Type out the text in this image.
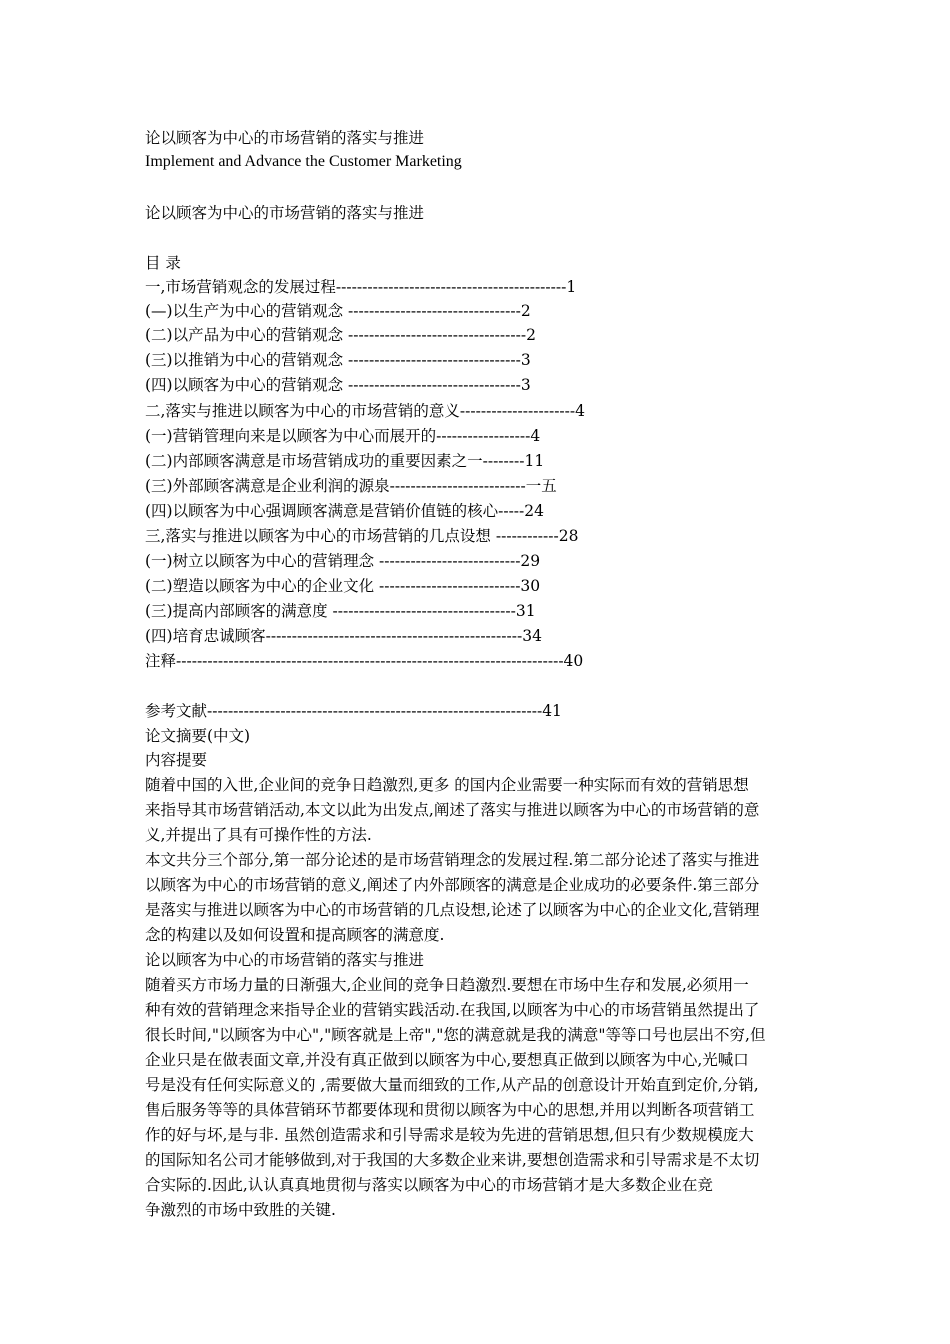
论以顾客为中心的市场营销的落实与推进
Implement and Advance the Customer Marketing
论以顾客为中心的市场营销的落实与推进
目 录
一,市场营销观念的发展过程--------------------------------------------1
(—)以生产为中心的营销观念 ---------------------------------2
(二)以产品为中心的营销观念 ----------------------------------2
(三)以推销为中心的营销观念 ---------------------------------3
(四)以顾客为中心的营销观念 ---------------------------------3
二,落实与推进以顾客为中心的市场营销的意义----------------------4
(一)营销管理向来是以顾客为中心而展开的------------------4
(二)内部顾客满意是市场营销成功的重要因素之一--------11
(三)外部顾客满意是企业利润的源泉--------------------------一五
(四)以顾客为中心强调顾客满意是营销价值链的核心-----24
三,落实与推进以顾客为中心的市场营销的几点设想 ------------28
(一)树立以顾客为中心的营销理念 ---------------------------29
(二)塑造以顾客为中心的企业文化 ---------------------------30
(三)提高内部顾客的满意度 -----------------------------------31
(四)培育忠诚顾客-------------------------------------------------34
注释--------------------------------------------------------------------------40
参考文献----------------------------------------------------------------41
论文摘要(中文)
内容提要
随着中国的入世,企业间的竞争日趋激烈,更多 的国内企业需要一种实际而有效的营销思想
来指导其市场营销活动,本文以此为出发点,阐述了落实与推进以顾客为中心的市场营销的意
义,并提出了具有可操作性的方法.
本文共分三个部分,第一部分论述的是市场营销理念的发展过程.第二部分论述了落实与推进
以顾客为中心的市场营销的意义,阐述了内外部顾客的满意是企业成功的必要条件.第三部分
是落实与推进以顾客为中心的市场营销的几点设想,论述了以顾客为中心的企业文化,营销理
念的构建以及如何设置和提高顾客的满意度.
论以顾客为中心的市场营销的落实与推进
随着买方市场力量的日渐强大,企业间的竞争日趋激烈.要想在市场中生存和发展,必须用一
种有效的营销理念来指导企业的营销实践活动.在我国,以顾客为中心的市场营销虽然提出了
很长时间,"以顾客为中心","顾客就是上帝","您的满意就是我的满意"等等口号也层出不穷,但
企业只是在做表面文章,并没有真正做到以顾客为中心,要想真正做到以顾客为中心,光喊口
号是没有任何实际意义的 ,需要做大量而细致的工作,从产品的创意设计开始直到定价,分销,
售后服务等等的具体营销环节都要体现和贯彻以顾客为中心的思想,并用以判断各项营销工
作的好与坏,是与非. 虽然创造需求和引导需求是较为先进的营销思想,但只有少数规模庞大
的国际知名公司才能够做到,对于我国的大多数企业来讲,要想创造需求和引导需求是不太切
合实际的.因此,认认真真地贯彻与落实以顾客为中心的市场营销才是大多数企业在竞
争激烈的市场中致胜的关键.
